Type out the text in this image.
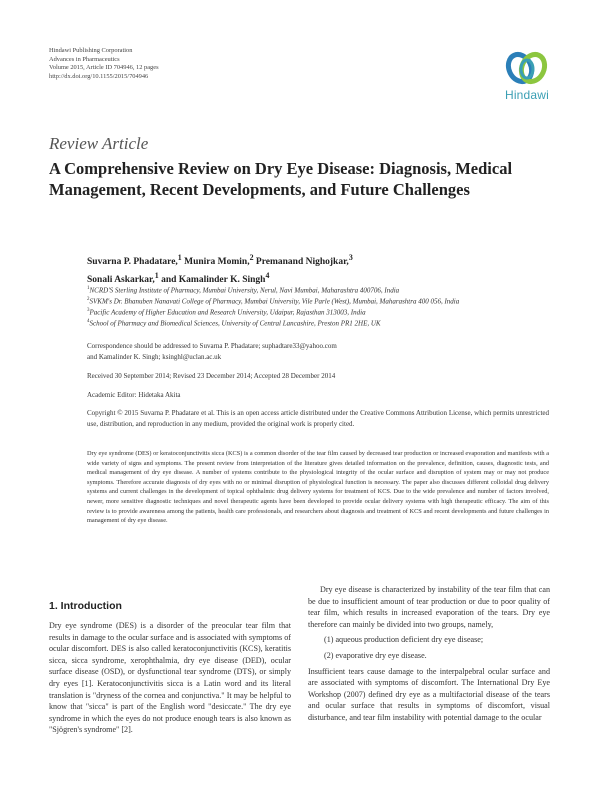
Hindawi Publishing Corporation
Advances in Pharmaceutics
Volume 2015, Article ID 704946, 12 pages
http://dx.doi.org/10.1155/2015/704946
Hindawi
Review Article
A Comprehensive Review on Dry Eye Disease: Diagnosis, Medical Management, Recent Developments, and Future Challenges
Suvarna P. Phadatare,$^1$ Munira Momin,$^2$ Premanand Nighojkar,$^3$
Sonali Askarkar,$^1$ and Kamalinder K. Singh$^4$
$^1$NCRD'S Sterling Institute of Pharmacy, Mumbai University, Nerul, Navi Mumbai, Maharashtra 400706, India
$^2$SVKM's Dr. Bhanuben Nanavati College of Pharmacy, Mumbai University, Vile Parle (West), Mumbai, Maharashtra 400 056, India
$^3$Pacific Academy of Higher Education and Research University, Udaipur, Rajasthan 313003, India
$^4$School of Pharmacy and Biomedical Sciences, University of Central Lancashire, Preston PR1 2HE, UK
Correspondence should be addressed to Suvarna P. Phadatare; suphadtare33@yahoo.com
and Kamalinder K. Singh; ksinghl@uclan.ac.uk
Received 30 September 2014; Revised 23 December 2014; Accepted 28 December 2014
Academic Editor: Hidetaka Akita
Copyright © 2015 Suvarna P. Phadatare et al. This is an open access article distributed under the Creative Commons Attribution License, which permits unrestricted use, distribution, and reproduction in any medium, provided the original work is properly cited.
Dry eye syndrome (DES) or keratoconjunctivitis sicca (KCS) is a common disorder of the tear film caused by decreased tear production or increased evaporation and manifests with a wide variety of signs and symptoms. The present review from interpretation of the literature gives detailed information on the prevalence, definition, causes, diagnostic tests, and medical management of dry eye disease. A number of systems contribute to the physiological integrity of the ocular surface and disruption of system may or may not produce symptoms. Therefore accurate diagnosis of dry eyes with no or minimal disruption of physiological function is necessary. The paper also discusses different colloidal drug delivery systems and current challenges in the development of topical ophthalmic drug delivery systems for treatment of KCS. Due to the wide prevalence and number of factors involved, newer, more sensitive diagnostic techniques and novel therapeutic agents have been developed to provide ocular delivery systems with high therapeutic efficacy. The aim of this review is to provide awareness among the patients, health care professionals, and researchers about diagnosis and treatment of KCS and recent developments and future challenges in management of dry eye disease.
1. Introduction

Dry eye syndrome (DES) is a disorder of the preocular tear film that results in damage to the ocular surface and is associated with symptoms of ocular discomfort. DES is also called keratoconjunctivitis (KCS), keratitis sicca, sicca syndrome, xerophthalmia, dry eye disease (DED), ocular surface disease (OSD), or dysfunctional tear syndrome (DTS), or simply dry eyes [1]. Keratoconjunctivitis sicca is a Latin word and its literal translation is "dryness of the cornea and conjunctiva." It may be helpful to know that "sicca" is part of the English word "desiccate." The dry eye syndrome in which the eyes do not produce enough tears is also known as "Sjögren's syndrome" [2].

Dry eye disease is characterized by instability of the tear film that can be due to insufficient amount of tear production or due to poor quality of tear film, which results in increased evaporation of the tears. Dry eye therefore can mainly be divided into two groups, namely,

(1) aqueous production deficient dry eye disease;
(2) evaporative dry eye disease.

Insufficient tears cause damage to the interpalpebral ocular surface and are associated with symptoms of discomfort. The International Dry Eye Workshop (2007) defined dry eye as a multifactorial disease of the tears and ocular surface that results in symptoms of discomfort, visual disturbance, and tear film instability with potential damage to the ocular
